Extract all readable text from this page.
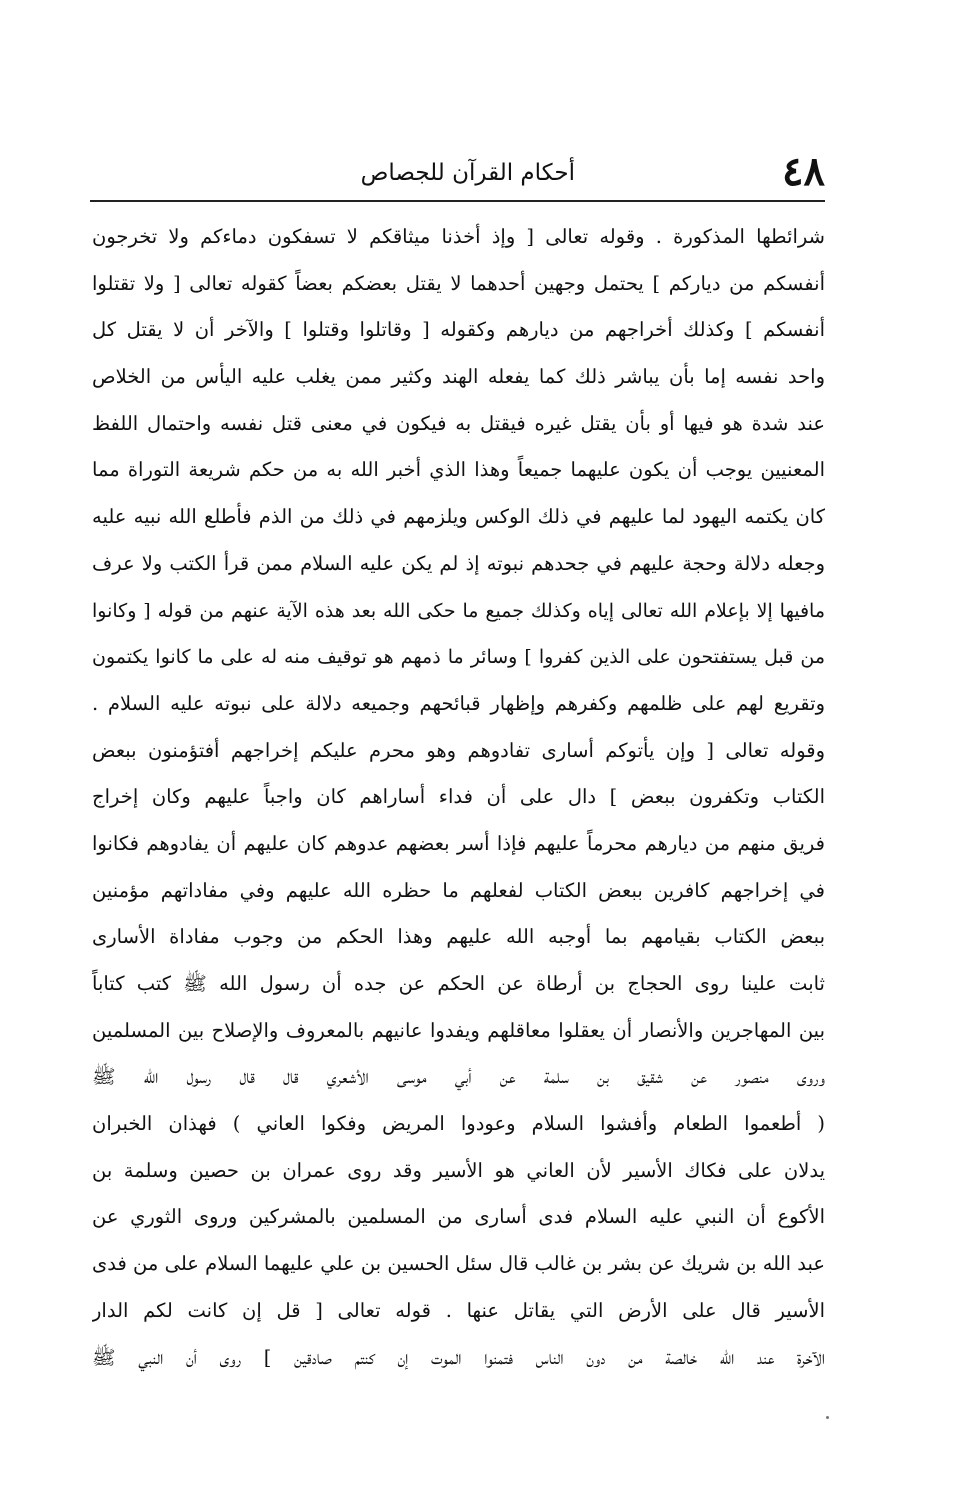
٤٨
أحكام القرآن للجصاص
شرائطها المذكورة . وقوله تعالى [ وإذ أخذنا ميثاقكم لا تسفكون دماءكم ولا تخرجون
أنفسكم من دياركم ] يحتمل وجهين أحدهما لا يقتل بعضكم بعضاً كقوله تعالى [ ولا تقتلوا
أنفسكم ] وكذلك أخراجهم من ديارهم وكقوله [ وقاتلوا وقتلوا ] والآخر أن لا يقتل كل
واحد نفسه إما بأن يباشر ذلك كما يفعله الهند وكثير ممن يغلب عليه اليأس من الخلاص
عند شدة هو فيها أو بأن يقتل غيره فيقتل به فيكون في معنى قتل نفسه واحتمال اللفظ
المعنيين يوجب أن يكون عليهما جميعاً وهذا الذي أخبر الله به من حكم شريعة التوراة مما
كان يكتمه اليهود لما عليهم في ذلك الوكس ويلزمهم في ذلك من الذم فأطلع الله نبيه عليه
وجعله دلالة وحجة عليهم في جحدهم نبوته إذ لم يكن عليه السلام ممن قرأ الكتب ولا عرف
مافيها إلا بإعلام الله تعالى إياه وكذلك جميع ما حكى الله بعد هذه الآية عنهم من قوله [ وكانوا
من قبل يستفتحون على الذين كفروا ] وسائر ما ذمهم هو توقيف منه له على ما كانوا يكتمون
وتقريع لهم على ظلمهم وكفرهم وإظهار قبائحهم وجميعه دلالة على نبوته عليه السلام .
وقوله تعالى [ وإن يأتوكم أسارى تفادوهم وهو محرم عليكم إخراجهم أفتؤمنون ببعض
الكتاب وتكفرون ببعض ] دال على أن فداء أساراهم كان واجباً عليهم وكان إخراج
فريق منهم من ديارهم محرماً عليهم فإذا أسر بعضهم عدوهم كان عليهم أن يفادوهم فكانوا
في إخراجهم كافرين ببعض الكتاب لفعلهم ما حظره الله عليهم وفي مفاداتهم مؤمنين
ببعض الكتاب بقيامهم بما أوجبه الله عليهم وهذا الحكم من وجوب مفاداة الأسارى
ثابت علينا روى الحجاج بن أرطاة عن الحكم عن جده أن رسول الله ﷺ كتب كتاباً
بين المهاجرين والأنصار أن يعقلوا معاقلهم ويفدوا عانيهم بالمعروف والإصلاح بين المسلمين
وروى منصور عن شقيق بن سلمة عن أبي موسى الأشعري قال قال رسول الله ﷺ
( أطعموا الطعام وأفشوا السلام وعودوا المريض وفكوا العاني ) فهذان الخبران
يدلان على فكاك الأسير لأن العاني هو الأسير وقد روى عمران بن حصين وسلمة بن
الأكوع أن النبي عليه السلام فدى أسارى من المسلمين بالمشركين وروى الثوري عن
عبد الله بن شريك عن بشر بن غالب قال سئل الحسين بن علي عليهما السلام على من فدى
الأسير قال على الأرض التي يقاتل عنها . قوله تعالى [ قل إن كانت لكم الدار
الآخرة عند الله خالصة من دون الناس فتمنوا الموت إن كنتم صادقين ] روى أن النبي ﷺ
